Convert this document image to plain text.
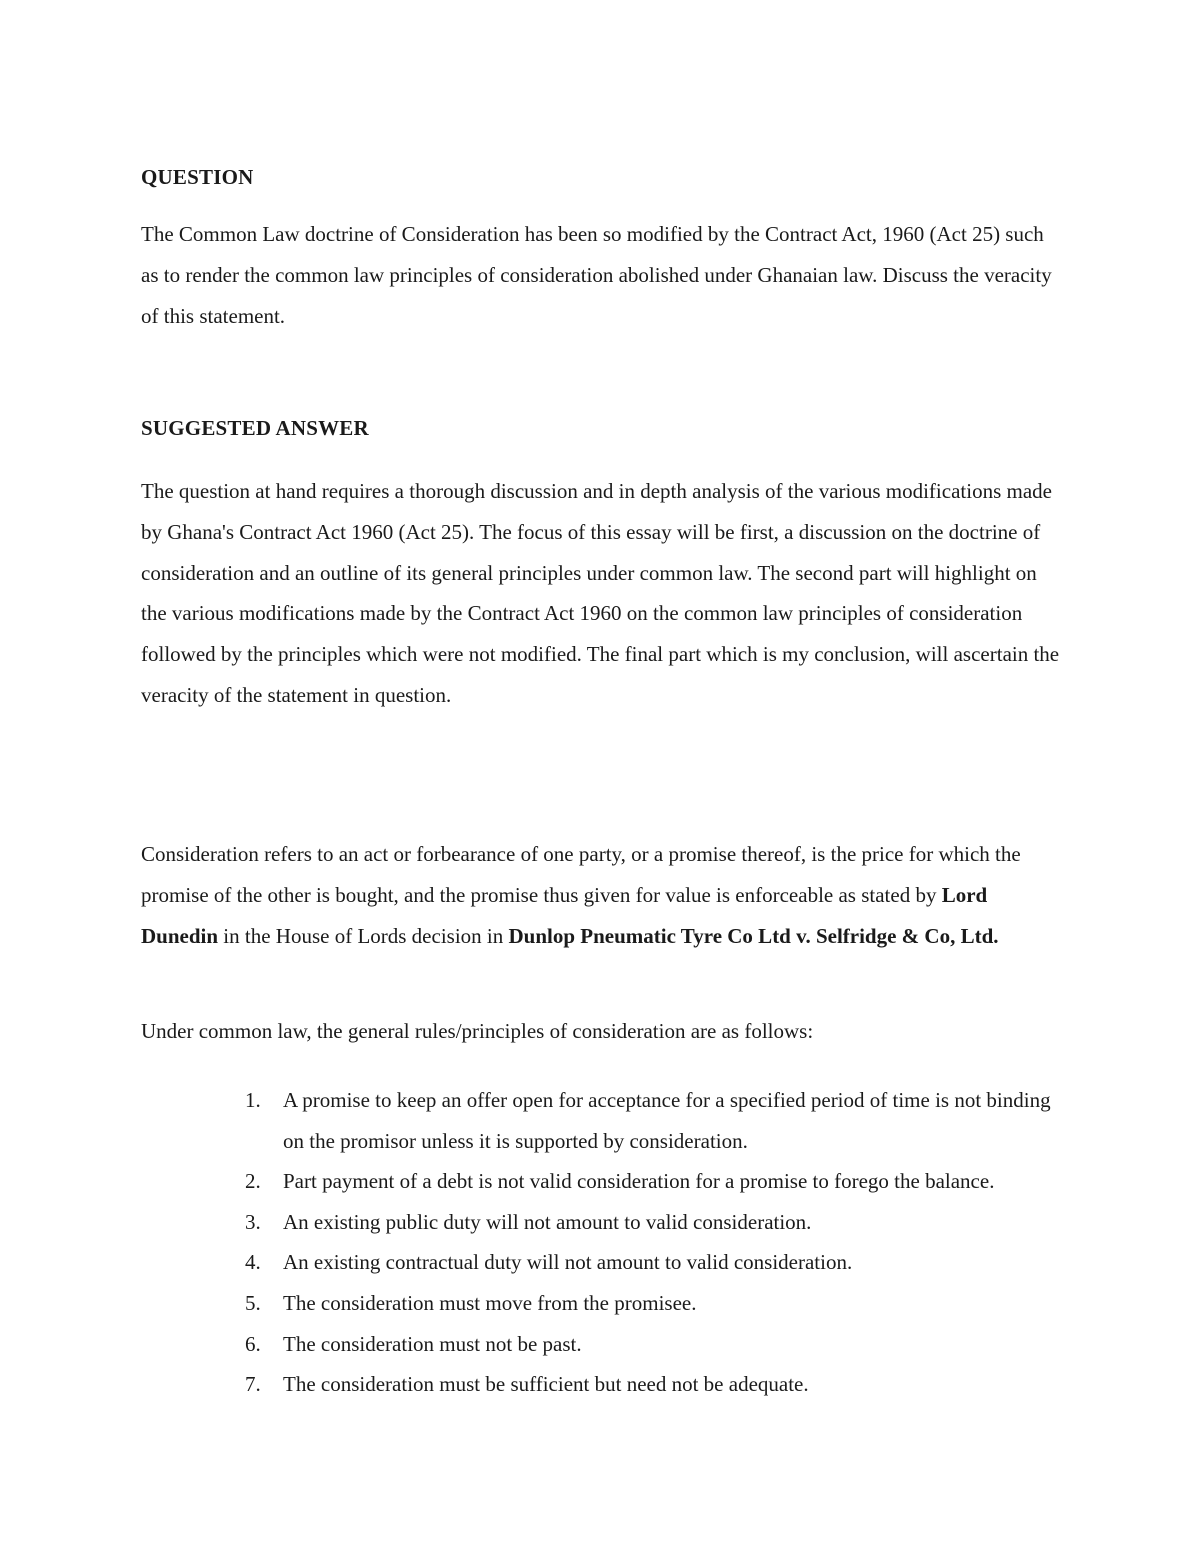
QUESTION
The Common Law doctrine of Consideration has been so modified by the Contract Act, 1960 (Act 25) such as to render the common law principles of consideration abolished under Ghanaian law. Discuss the veracity of this statement.
SUGGESTED ANSWER
The question at hand requires a thorough discussion and in depth analysis of the various modifications made by Ghana's Contract Act 1960 (Act 25). The focus of this essay will be first, a discussion on the doctrine of consideration and an outline of its general principles under common law. The second part will highlight on the various modifications made by the Contract Act 1960 on the common law principles of consideration followed by the principles which were not modified. The final part which is my conclusion, will ascertain the veracity of the statement in question.
Consideration refers to an act or forbearance of one party, or a promise thereof, is the price for which the promise of the other is bought, and the promise thus given for value is enforceable as stated by Lord Dunedin in the House of Lords decision in Dunlop Pneumatic Tyre Co Ltd v. Selfridge & Co, Ltd.
Under common law, the general rules/principles of consideration are as follows:
1. A promise to keep an offer open for acceptance for a specified period of time is not binding on the promisor unless it is supported by consideration.
2. Part payment of a debt is not valid consideration for a promise to forego the balance.
3. An existing public duty will not amount to valid consideration.
4. An existing contractual duty will not amount to valid consideration.
5. The consideration must move from the promisee.
6. The consideration must not be past.
7. The consideration must be sufficient but need not be adequate.
